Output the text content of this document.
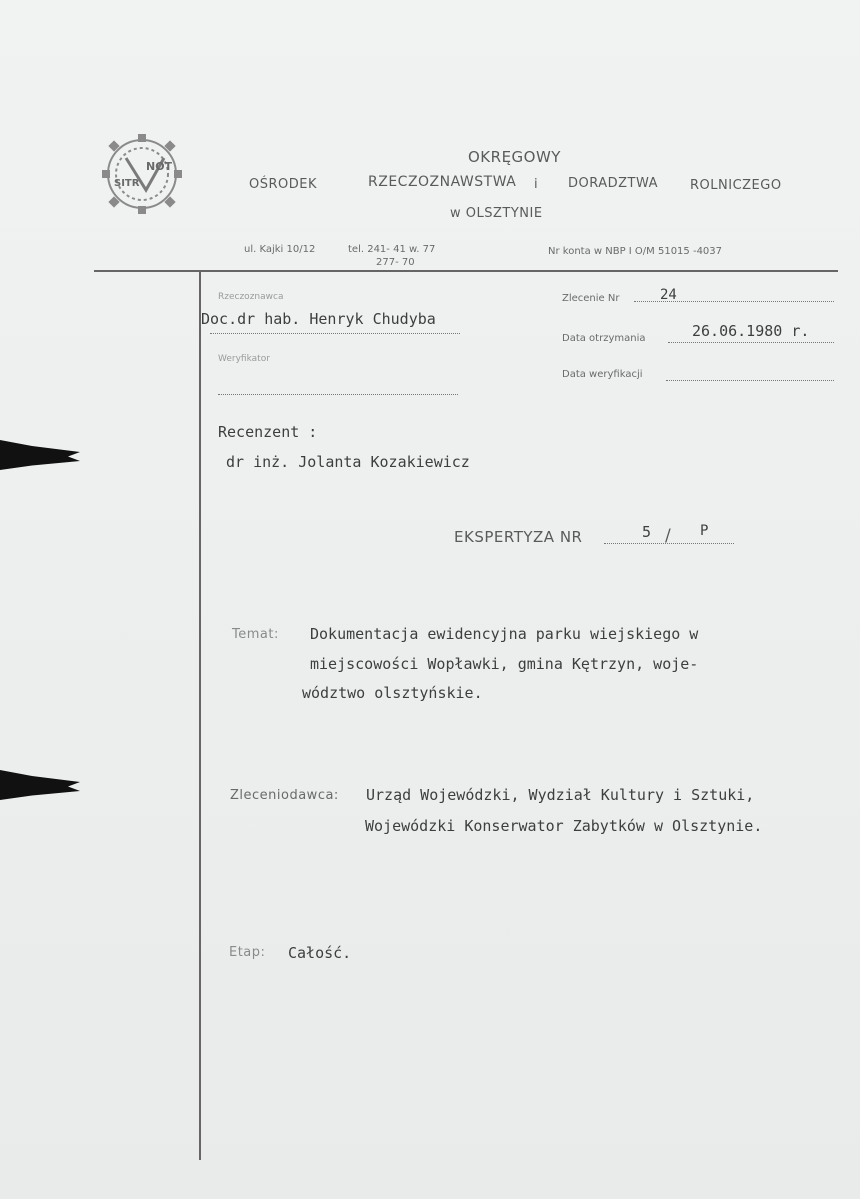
NOT
SITR
OKRĘGOWY
OŚRODEK	RZECZOZNAWSTWA i DORADZTWA ROLNICZEGO
w OLSZTYNIE
ul. Kajki 10/12	tel. 241- 41 w. 77
277- 70
Nr konta w NBP I O/M 51015 -4037
Rzeczoznawca
Doc.dr hab. Henryk Chudyba
Weryfikator
Zlecenie Nr	24
Data otrzymania	26.06.1980 r.
Data weryfikacji
Recenzent :
dr inż. Jolanta Kozakiewicz
EKSPERTYZA NR	5 / P
Temat: Dokumentacja ewidencyjna parku wiejskiego w
miejscowości Wopławki, gmina Kętrzyn, woje-
wództwo olsztyńskie.
Zleceniodawca: Urząd Wojewódzki, Wydział Kultury i Sztuki,
Wojewódzki Konserwator Zabytków w Olsztynie.
Etap: Całość.
